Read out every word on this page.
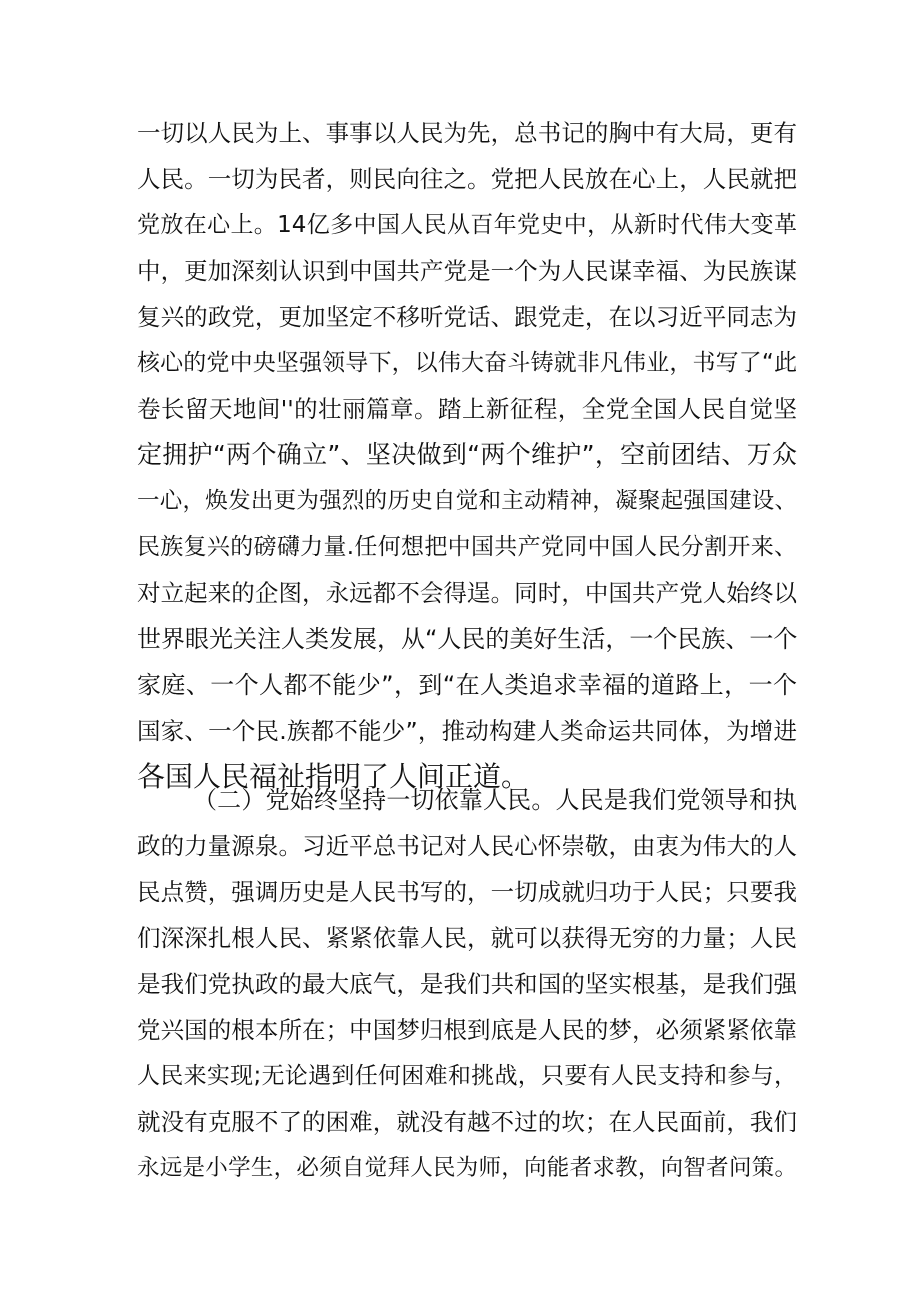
一切以人民为上、事事以人民为先，总书记的胸中有大局，更有
人民。一切为民者，则民向往之。党把人民放在心上，人民就把
党放在心上。14亿多中国人民从百年党史中，从新时代伟大变革
中，更加深刻认识到中国共产党是一个为人民谋幸福、为民族谋
复兴的政党，更加坚定不移听党话、跟党走，在以习近平同志为
核心的党中央坚强领导下，以伟大奋斗铸就非凡伟业，书写了“此
卷长留天地间''的壮丽篇章。踏上新征程，全党全国人民自觉坚
定拥护“两个确立”、坚决做到“两个维护”，空前团结、万众
一心，焕发出更为强烈的历史自觉和主动精神，凝聚起强国建设、
民族复兴的磅礴力量.任何想把中国共产党同中国人民分割开来、
对立起来的企图，永远都不会得逞。同时，中国共产党人始终以
世界眼光关注人类发展，从“人民的美好生活，一个民族、一个
家庭、一个人都不能少”，到“在人类追求幸福的道路上，一个
国家、一个民.族都不能少”，推动构建人类命运共同体，为增进
各国人民福祉指明了人间正道。
（二）党始终坚持一切依靠人民。人民是我们党领导和执
政的力量源泉。习近平总书记对人民心怀崇敬，由衷为伟大的人
民点赞，强调历史是人民书写的，一切成就归功于人民；只要我
们深深扎根人民、紧紧依靠人民，就可以获得无穷的力量；人民
是我们党执政的最大底气，是我们共和国的坚实根基，是我们强
党兴国的根本所在；中国梦归根到底是人民的梦，必须紧紧依靠
人民来实现;无论遇到任何困难和挑战，只要有人民支持和参与，
就没有克服不了的困难，就没有越不过的坎；在人民面前，我们
永远是小学生，必须自觉拜人民为师，向能者求教，向智者问策。
